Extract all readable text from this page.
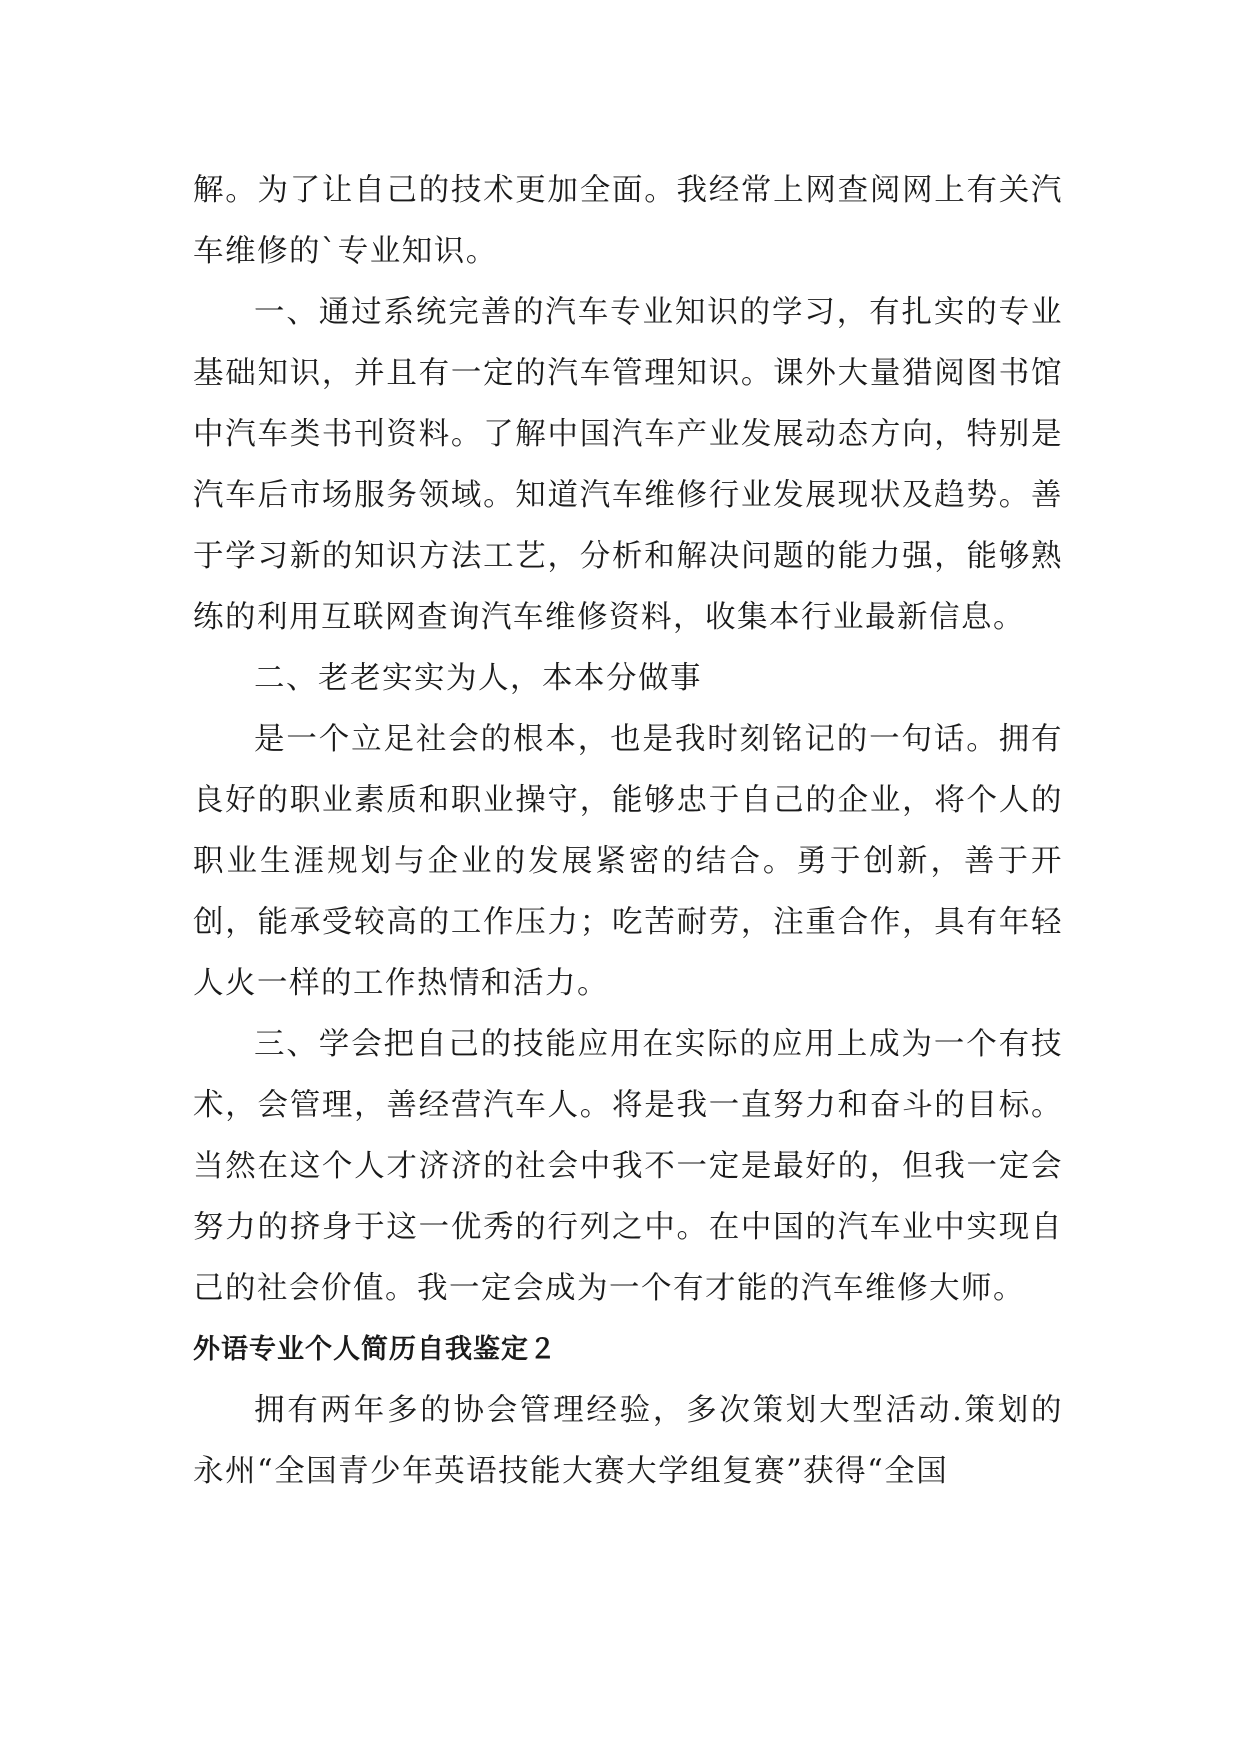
解。为了让自己的技术更加全面。我经常上网查阅网上有关汽车维修的`专业知识。

一、通过系统完善的汽车专业知识的学习，有扎实的专业基础知识，并且有一定的汽车管理知识。课外大量猎阅图书馆中汽车类书刊资料。了解中国汽车产业发展动态方向，特别是汽车后市场服务领域。知道汽车维修行业发展现状及趋势。善于学习新的知识方法工艺，分析和解决问题的能力强，能够熟练的利用互联网查询汽车维修资料，收集本行业最新信息。

二、老老实实为人，本本分做事

是一个立足社会的根本，也是我时刻铭记的一句话。拥有良好的职业素质和职业操守，能够忠于自己的企业，将个人的职业生涯规划与企业的发展紧密的结合。勇于创新，善于开创，能承受较高的工作压力；吃苦耐劳，注重合作，具有年轻人火一样的工作热情和活力。

三、学会把自己的技能应用在实际的应用上成为一个有技术，会管理，善经营汽车人。将是我一直努力和奋斗的目标。当然在这个人才济济的社会中我不一定是最好的，但我一定会努力的挤身于这一优秀的行列之中。在中国的汽车业中实现自己的社会价值。我一定会成为一个有才能的汽车维修大师。

外语专业个人简历自我鉴定２

拥有两年多的协会管理经验，多次策划大型活动.策划的永州“全国青少年英语技能大赛大学组复赛”获得“全国
